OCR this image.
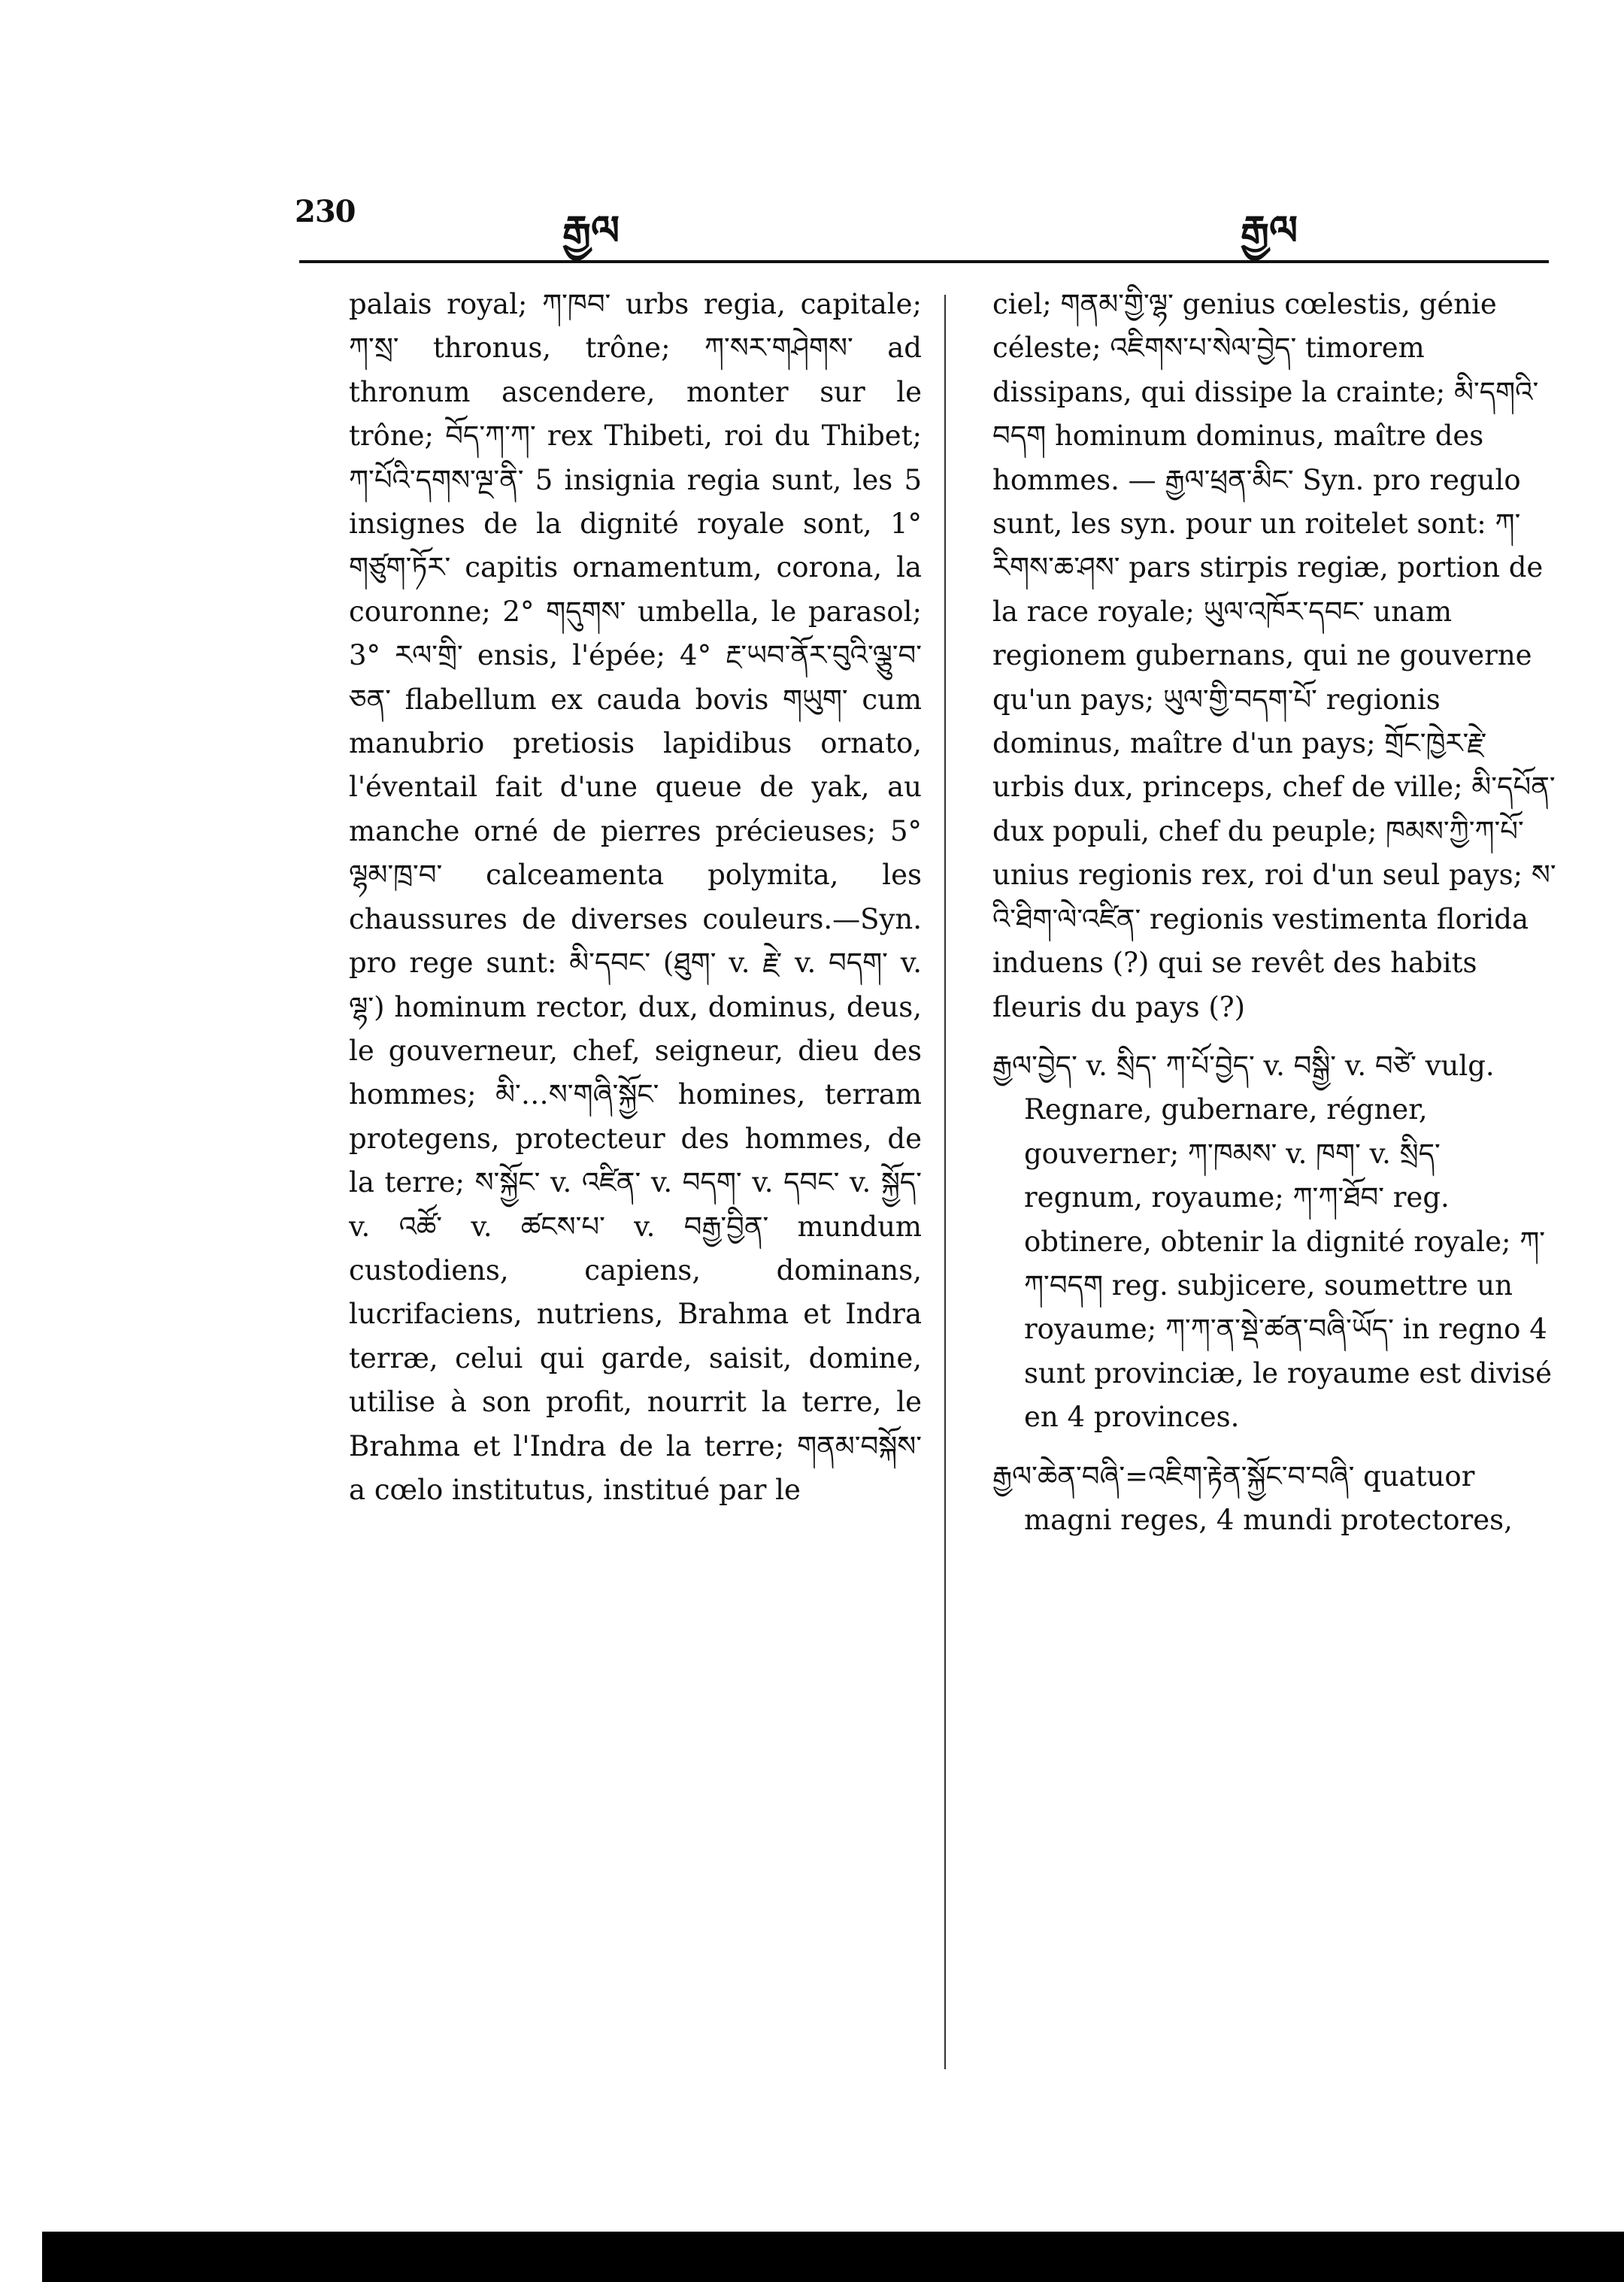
230	རྒྱལ	རྒྱལ

palais royal; ཀ་ཁབ་ urbs regia, capitale; ཀ་སྲ་ thronus, trône; ཀ་སར་གཤེགས་ ad thronum ascendere, monter sur le trône; བོད་ཀ་ཀ་ rex Thibeti, roi du Thibet; ཀ་པོའི་དགས་ལྔ་ནི་ 5 insignia regia sunt, les 5 insignes de la dignité royale sont, 1° གཙུག་ཏོར་ capitis ornamentum, corona, la couronne; 2° གདུགས་ umbella, le parasol; 3° རལ་གྲི་ ensis, l'épée; 4° རྔ་ཡབ་ནོར་བུའི་ལྕུ་བ་ཅན་ flabellum ex cauda bovis གཡུག་ cum manubrio pretiosis lapidibus ornato, l'éventail fait d'une queue de yak, au manche orné de pierres précieuses; 5° ལྷམ་ཁྲ་བ་ calceamenta polymita, les chaussures de diverses couleurs.—Syn. pro rege sunt: མི་དབང་ (ཐུག་ v. རྗེ་ v. བདག་ v. ལྷ་) hominum rector, dux, dominus, deus, le gouverneur, chef, seigneur, dieu des hommes; མི་…ས་གཞི་སྐྱོང་ homines, terram protegens, protecteur des hommes, de la terre; ས་སྐྱོང་ v. འཛིན་ v. བདག་ v. དབང་ v. སྐྱོད་ v. འཚོ་ v. ཚངས་པ་ v. བརྒྱ་བྱིན་ mundum custodiens, capiens, dominans, lucrifaciens, nutriens, Brahma et Indra terræ, celui qui garde, saisit, domine, utilise à son profit, nourrit la terre, le Brahma et l'Indra de la terre; གནམ་བསྐོས་ a cœlo institutus, institué par le

ciel; གནམ་གྱི་ལྷ་ genius cœlestis, génie céleste; འཇིགས་པ་སེལ་བྱེད་ timorem dissipans, qui dissipe la crainte; མི་དགའི་བདག hominum dominus, maître des hommes. — རྒྱལ་ཕྲན་མིང་ Syn. pro regulo sunt, les syn. pour un roitelet sont: ཀ་རིགས་ཆ་ཤས་ pars stirpis regiæ, portion de la race royale; ཡུལ་འཁོར་དབང་ unam regionem gubernans, qui ne gouverne qu'un pays; ཡུལ་གྱི་བདག་པོ་ regionis dominus, maître d'un pays; གྲོང་ཁྱེར་རྗེ་ urbis dux, princeps, chef de ville; མི་དཔོན་ dux populi, chef du peuple; ཁམས་ཀྱི་ཀ་པོ་ unius regionis rex, roi d'un seul pays; ས་འི་ཐིག་ལེ་འཛིན་ regionis vestimenta florida induens (?) qui se revêt des habits fleuris du pays (?)

རྒྱལ་བྱེད་ v. སྲིད་ ཀ་པོ་བྱེད་ v. བསྒྱི་ v. བཙེ་ vulg. Regnare, gubernare, régner, gouverner; ཀ་ཁམས་ v. ཁག་ v. སྲིད་ regnum, royaume; ཀ་ཀ་ཐོབ་ reg. obtinere, obtenir la dignité royale; ཀ་ཀ་བདག reg. subjicere, soumettre un royaume; ཀ་ཀ་ན་སྡེ་ཚན་བཞི་ཡོད་ in regno 4 sunt provinciæ, le royaume est divisé en 4 provinces.

རྒྱལ་ཆེན་བཞི་=འཇིག་རྟེན་སྐྱོང་བ་བཞི་ quatuor magni reges, 4 mundi protectores,
